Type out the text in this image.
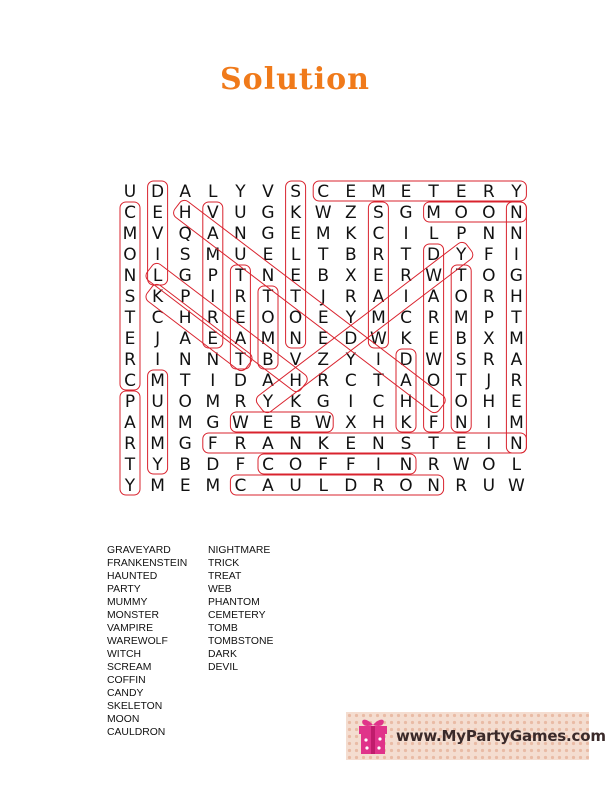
Solution
U D A L Y V S C E M E T E R Y
C E H V U G K W Z S G M O O N
M V Q A N G E M K C I L P N N
O I S M U E L T B R T D Y F I
N L G P T N E B X E R W T O G
S K P I R T T J R A I A O R H
T C H R E O O E Y M C R M P T
E J A E A M N E D W K E B X M
R I N N T B V Z Y I D W S R A
C M T I D A H R C T A O T J R
P U O M R Y K G I C H L O H E
A M M G W E B W X H K F N I M
R M G F R A N K E N S T E I N
T Y B D F C O F F I N R W O L
Y M E M C A U L D R O N R U W
GRAVEYARD
FRANKENSTEIN
HAUNTED
PARTY
MUMMY
MONSTER
VAMPIRE
WAREWOLF
WITCH
SCREAM
COFFIN
CANDY
SKELETON
MOON
CAULDRON
NIGHTMARE
TRICK
TREAT
WEB
PHANTOM
CEMETERY
TOMB
TOMBSTONE
DARK
DEVIL
www.MyPartyGames.com
